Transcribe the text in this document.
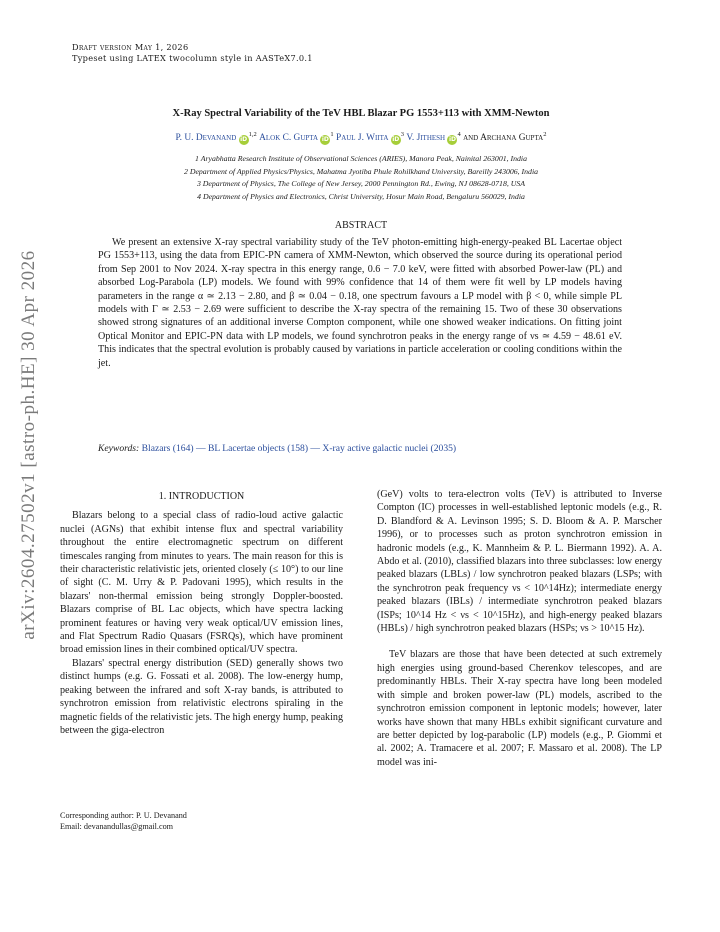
Draft version May 1, 2026
Typeset using LATEX twocolumn style in AASTeX7.0.1
arXiv:2604.27502v1 [astro-ph.HE] 30 Apr 2026
X-Ray Spectral Variability of the TeV HBL Blazar PG 1553+113 with XMM-Newton
P. U. Devanand iD$^{1,2}$ Alok C. Gupta $iD^1$ Paul J. Wiita $iD^3$ V. Jithesh $iD^4$ and Archana Gupta$^2$
1 Aryabhatta Research Institute of Observational Sciences (ARIES), Manora Peak, Nainital 263001, India
2 Department of Applied Physics/Physics, Mahatma Jyotiba Phule Rohilkhand University, Bareilly 243006, India
3 Department of Physics, The College of New Jersey, 2000 Pennington Rd., Ewing, NJ 08628-0718, USA
4 Department of Physics and Electronics, Christ University, Hosur Main Road, Bengaluru 560029, India
ABSTRACT
We present an extensive X-ray spectral variability study of the TeV photon-emitting high-energy-peaked BL Lacertae object PG 1553+113, using the data from EPIC-PN camera of XMM-Newton, which observed the source during its operational period from Sep 2001 to Nov 2024. X-ray spectra in this energy range, 0.6 − 7.0 keV, were fitted with absorbed Power-law (PL) and absorbed Log-Parabola (LP) models. We found with 99% confidence that 14 of them were fit well by LP models having parameters in the range α ≃ 2.13 − 2.80, and β ≃ 0.04 − 0.18, one spectrum favours a LP model with β < 0, while simple PL models with Γ ≃ 2.53 − 2.69 were sufficient to describe the X-ray spectra of the remaining 15. Two of these 30 observations showed strong signatures of an additional inverse Compton component, while one showed weaker indications. On fitting joint Optical Monitor and EPIC-PN data with LP models, we found synchrotron peaks in the energy range of νs ≃ 4.59 − 48.61 eV. This indicates that the spectral evolution is probably caused by variations in particle acceleration or cooling conditions within the jet.
Keywords: Blazars (164) — BL Lacertae objects (158) — X-ray active galactic nuclei (2035)
1. INTRODUCTION

Blazars belong to a special class of radio-loud active galactic nuclei (AGNs) that exhibit intense flux and spectral variability throughout the entire electromagnetic spectrum on different timescales ranging from minutes to years. The main reason for this is their characteristic relativistic jets, oriented closely (≤ 10°) to our line of sight (C. M. Urry & P. Padovani 1995), which results in the blazars' non-thermal emission being strongly Doppler-boosted. Blazars comprise of BL Lac objects, which have spectra lacking prominent features or having very weak optical/UV emission lines, and Flat Spectrum Radio Quasars (FSRQs), which have prominent broad emission lines in their combined optical/UV spectra.

Blazars' spectral energy distribution (SED) generally shows two distinct humps (e.g. G. Fossati et al. 2008). The low-energy hump, peaking between the infrared and soft X-ray bands, is attributed to synchrotron emission from relativistic electrons spiraling in the magnetic fields of the relativistic jets. The high energy hump, peaking between the giga-electron

(GeV) volts to tera-electron volts (TeV) is attributed to Inverse Compton (IC) processes in well-established leptonic models (e.g., R. D. Blandford & A. Levinson 1995; S. D. Bloom & A. P. Marscher 1996), or to processes such as proton synchrotron emission in hadronic models (e.g., K. Mannheim & P. L. Biermann 1992). A. A. Abdo et al. (2010), classified blazars into three subclasses: low energy peaked blazars (LBLs) / low synchrotron peaked blazars (LSPs; with the synchrotron peak frequency νs < 10^14Hz); intermediate energy peaked blazars (IBLs) / intermediate synchrotron peaked blazars (ISPs; 10^14 Hz < νs < 10^15Hz), and high-energy peaked blazars (HBLs) / high synchrotron peaked blazars (HSPs; νs > 10^15 Hz).

TeV blazars are those that have been detected at such extremely high energies using ground-based Cherenkov telescopes, and are predominantly HBLs. Their X-ray spectra have long been modeled with simple and broken power-law (PL) models, ascribed to the synchrotron emission component in leptonic models; however, later works have shown that many HBLs exhibit significant curvature and are better depicted by log-parabolic (LP) models (e.g., P. Giommi et al. 2002; A. Tramacere et al. 2007; F. Massaro et al. 2008). The LP model was ini-

Corresponding author: P. U. Devanand
Email: devanandullas@gmail.com
